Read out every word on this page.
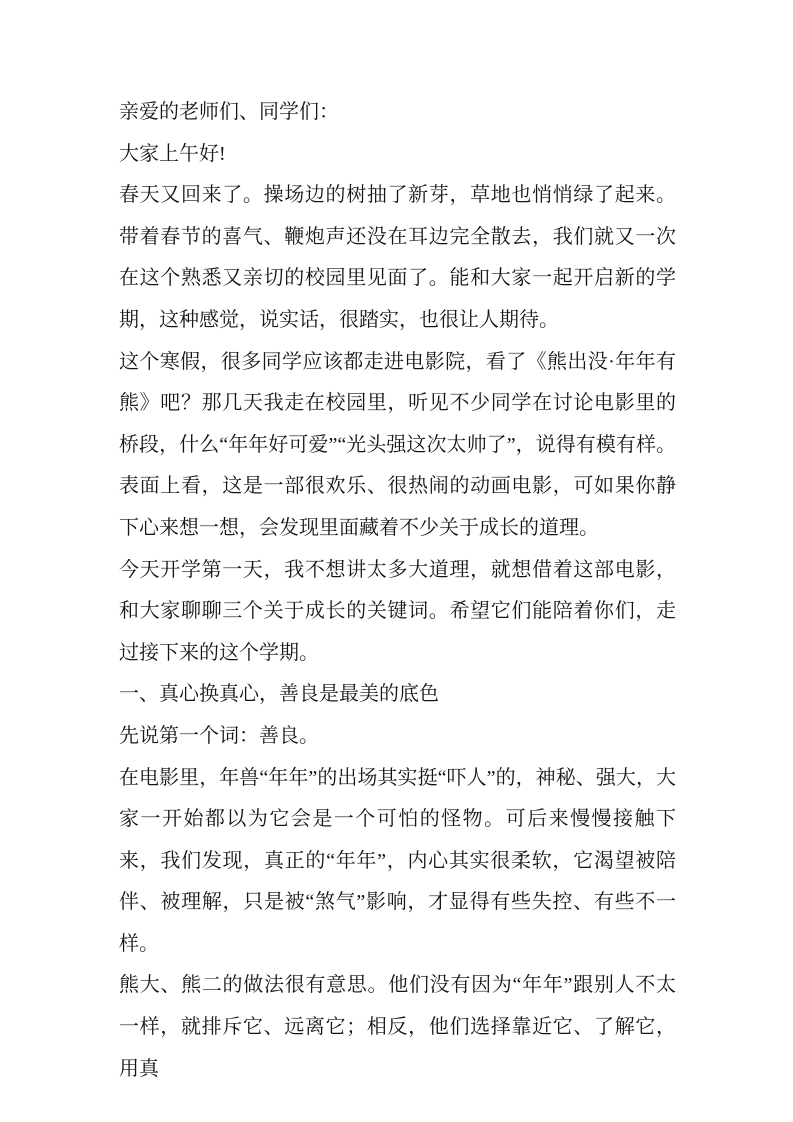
亲爱的老师们、同学们：

大家上午好!

春天又回来了。操场边的树抽了新芽，草地也悄悄绿了起来。带着春节的喜气、鞭炮声还没在耳边完全散去，我们就又一次在这个熟悉又亲切的校园里见面了。能和大家一起开启新的学期，这种感觉，说实话，很踏实，也很让人期待。

这个寒假，很多同学应该都走进电影院，看了《熊出没·年年有熊》吧？那几天我走在校园里，听见不少同学在讨论电影里的桥段，什么“年年好可爱”“光头强这次太帅了”，说得有模有样。表面上看，这是一部很欢乐、很热闹的动画电影，可如果你静下心来想一想，会发现里面藏着不少关于成长的道理。

今天开学第一天，我不想讲太多大道理，就想借着这部电影，和大家聊聊三个关于成长的关键词。希望它们能陪着你们，走过接下来的这个学期。

一、真心换真心，善良是最美的底色

先说第一个词：善良。

在电影里，年兽“年年”的出场其实挺“吓人”的，神秘、强大，大家一开始都以为它会是一个可怕的怪物。可后来慢慢接触下来，我们发现，真正的“年年”，内心其实很柔软，它渴望被陪伴、被理解，只是被“煞气”影响，才显得有些失控、有些不一样。

熊大、熊二的做法很有意思。他们没有因为“年年”跟别人不太一样，就排斥它、远离它；相反，他们选择靠近它、了解它，用真
